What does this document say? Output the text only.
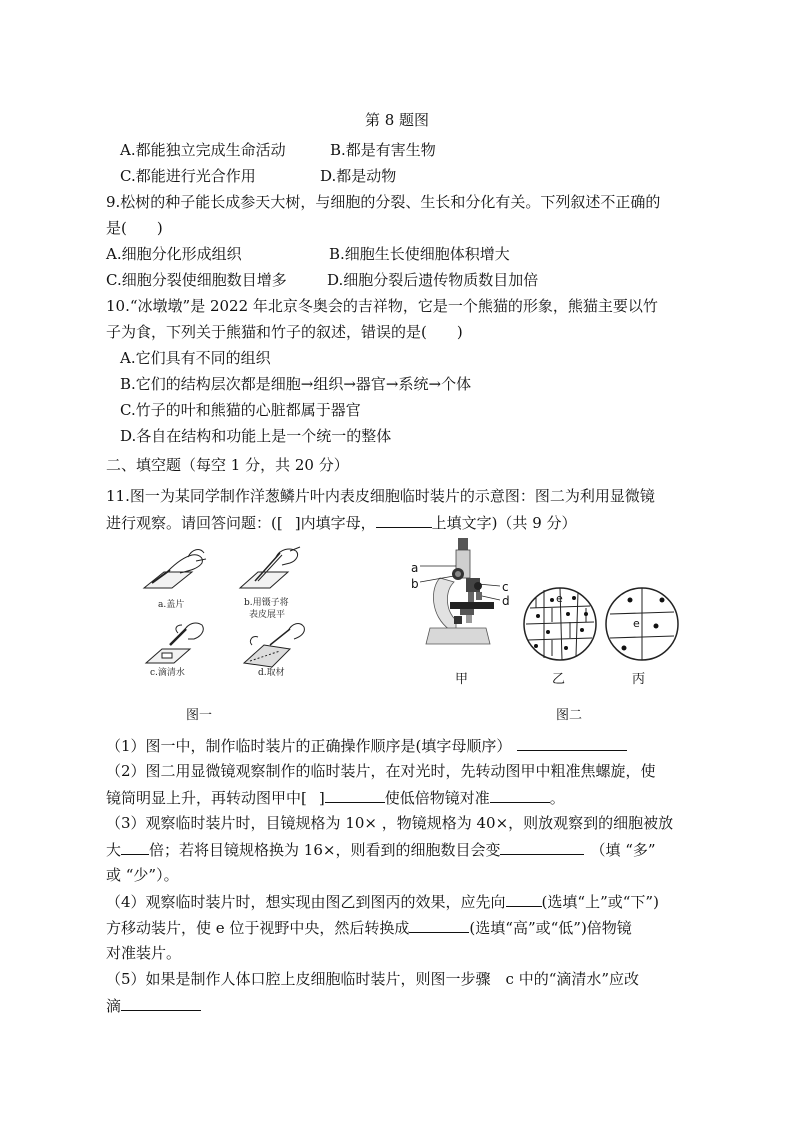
第 8 题图
A.都能独立完成生命活动	B.都是有害生物
C.都能进行光合作用	D.都是动物
9.松树的种子能长成参天大树，与细胞的分裂、生长和分化有关。下列叙述不正确的
是(　　)
A.细胞分化形成组织	B.细胞生长使细胞体积增大
C.细胞分裂使细胞数目增多	D.细胞分裂后遗传物质数目加倍
10.“冰墩墩”是 2022 年北京冬奥会的吉祥物，它是一个熊猫的形象，熊猫主要以竹
子为食，下列关于熊猫和竹子的叙述，错误的是(　　)
A.它们具有不同的组织
B.它们的结构层次都是细胞→组织→器官→系统→个体
C.竹子的叶和熊猫的心脏都属于器官
D.各自在结构和功能上是一个统一的整体
二、填空题（每空 1 分，共 20 分）
11.图一为某同学制作洋葱鳞片叶内表皮细胞临时装片的示意图：图二为利用显微镜
进行观察。请回答问题：([ ]内填字母，	上填文字)（共 9 分）
a.盖片	b.用镊子将
表皮展平
c.滴清水	d.取材
图一
a
b	c
d	e
e
甲	乙	丙
图二
（1）图一中，制作临时装片的正确操作顺序是(填字母顺序）
（2）图二用显微镜观察制作的临时装片，在对光时，先转动图甲中粗准焦螺旋，使
镜筒明显上升，再转动图甲中[ ]	使低倍物镜对准	。
（3）观察临时装片时，目镜规格为 10× ，物镜规格为 40×，则放观察到的细胞被放
大 倍；若将目镜规格换为 16×，则看到的细胞数目会变	（填 “多”
或 “少”）。
（4）观察临时装片时，想实现由图乙到图丙的效果，应先向 (选填“上”或“下”)
方移动装片，使 e 位于视野中央，然后转换成	(选填“高”或“低”)倍物镜
对准装片。
（5）如果是制作人体口腔上皮细胞临时装片，则图一步骤　c 中的“滴清水”应改
滴
